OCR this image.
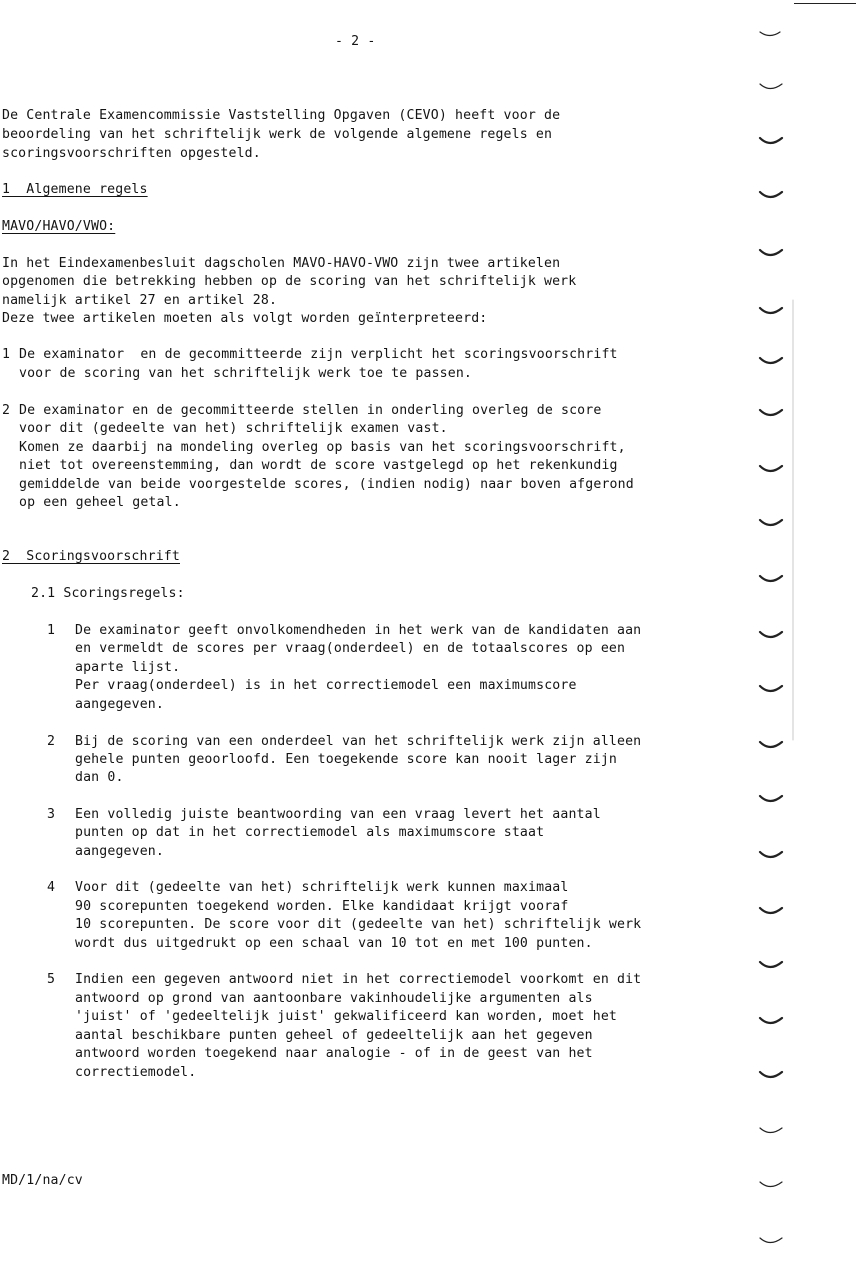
- 2 -
De Centrale Examencommissie Vaststelling Opgaven (CEVO) heeft voor de
beoordeling van het schriftelijk werk de volgende algemene regels en
scoringsvoorschriften opgesteld.
1  Algemene regels
MAVO/HAVO/VWO:
In het Eindexamenbesluit dagscholen MAVO-HAVO-VWO zijn twee artikelen
opgenomen die betrekking hebben op de scoring van het schriftelijk werk
namelijk artikel 27 en artikel 28.
Deze twee artikelen moeten als volgt worden geïnterpreteerd:
1 De examinator  en de gecommitteerde zijn verplicht het scoringsvoorschrift
voor de scoring van het schriftelijk werk toe te passen.
2 De examinator en de gecommitteerde stellen in onderling overleg de score
voor dit (gedeelte van het) schriftelijk examen vast.
Komen ze daarbij na mondeling overleg op basis van het scoringsvoorschrift,
niet tot overeenstemming, dan wordt de score vastgelegd op het rekenkundig
gemiddelde van beide voorgestelde scores, (indien nodig) naar boven afgerond
op een geheel getal.
2  Scoringsvoorschrift
2.1 Scoringsregels:
1 De examinator geeft onvolkomendheden in het werk van de kandidaten aan
en vermeldt de scores per vraag(onderdeel) en de totaalscores op een
aparte lijst.
Per vraag(onderdeel) is in het correctiemodel een maximumscore
aangegeven.
2 Bij de scoring van een onderdeel van het schriftelijk werk zijn alleen
gehele punten geoorloofd. Een toegekende score kan nooit lager zijn
dan 0.
3 Een volledig juiste beantwoording van een vraag levert het aantal
punten op dat in het correctiemodel als maximumscore staat
aangegeven.
4 Voor dit (gedeelte van het) schriftelijk werk kunnen maximaal
90 scorepunten toegekend worden. Elke kandidaat krijgt vooraf
10 scorepunten. De score voor dit (gedeelte van het) schriftelijk werk
wordt dus uitgedrukt op een schaal van 10 tot en met 100 punten.
5 Indien een gegeven antwoord niet in het correctiemodel voorkomt en dit
antwoord op grond van aantoonbare vakinhoudelijke argumenten als
'juist' of 'gedeeltelijk juist' gekwalificeerd kan worden, moet het
aantal beschikbare punten geheel of gedeeltelijk aan het gegeven
antwoord worden toegekend naar analogie - of in de geest van het
correctiemodel.
MD/1/na/cv
